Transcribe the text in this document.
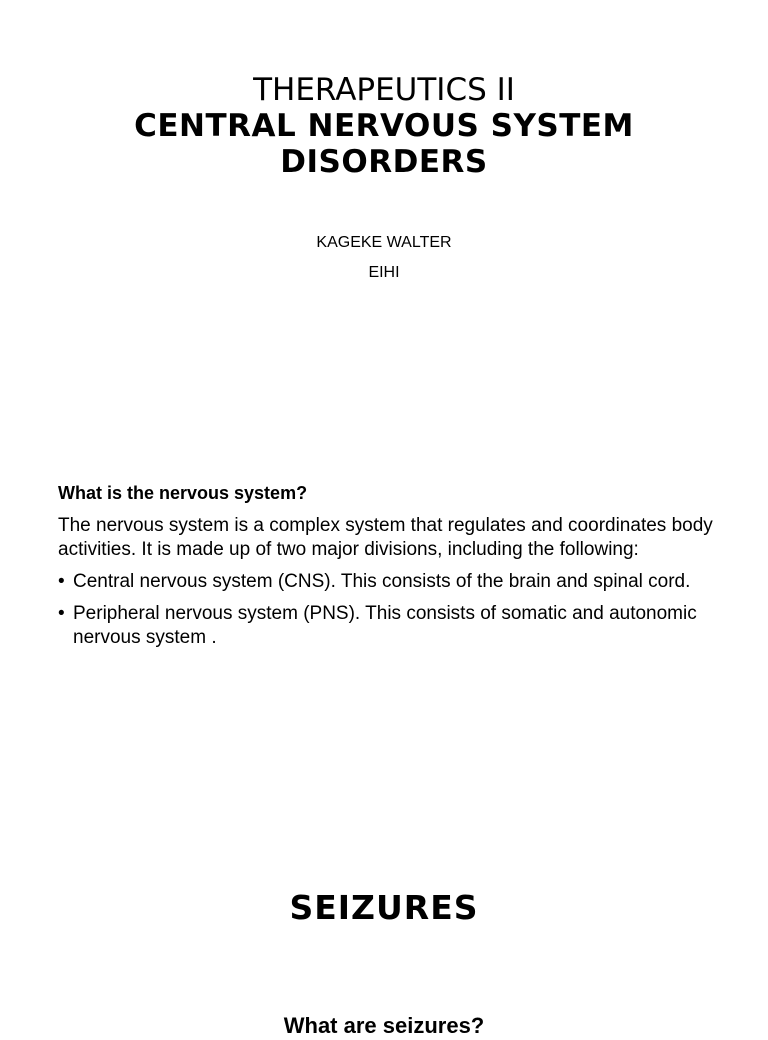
THERAPEUTICS II
CENTRAL NERVOUS SYSTEM
DISORDERS
KAGEKE WALTER
EIHI
What is the nervous system?
The nervous system is a complex system that regulates and coordinates body activities. It is made up of two major divisions, including the following:
• Central nervous system (CNS). This consists of the brain and spinal cord.
• Peripheral nervous system (PNS). This consists of somatic and autonomic nervous system .
SEIZURES
What are seizures?
